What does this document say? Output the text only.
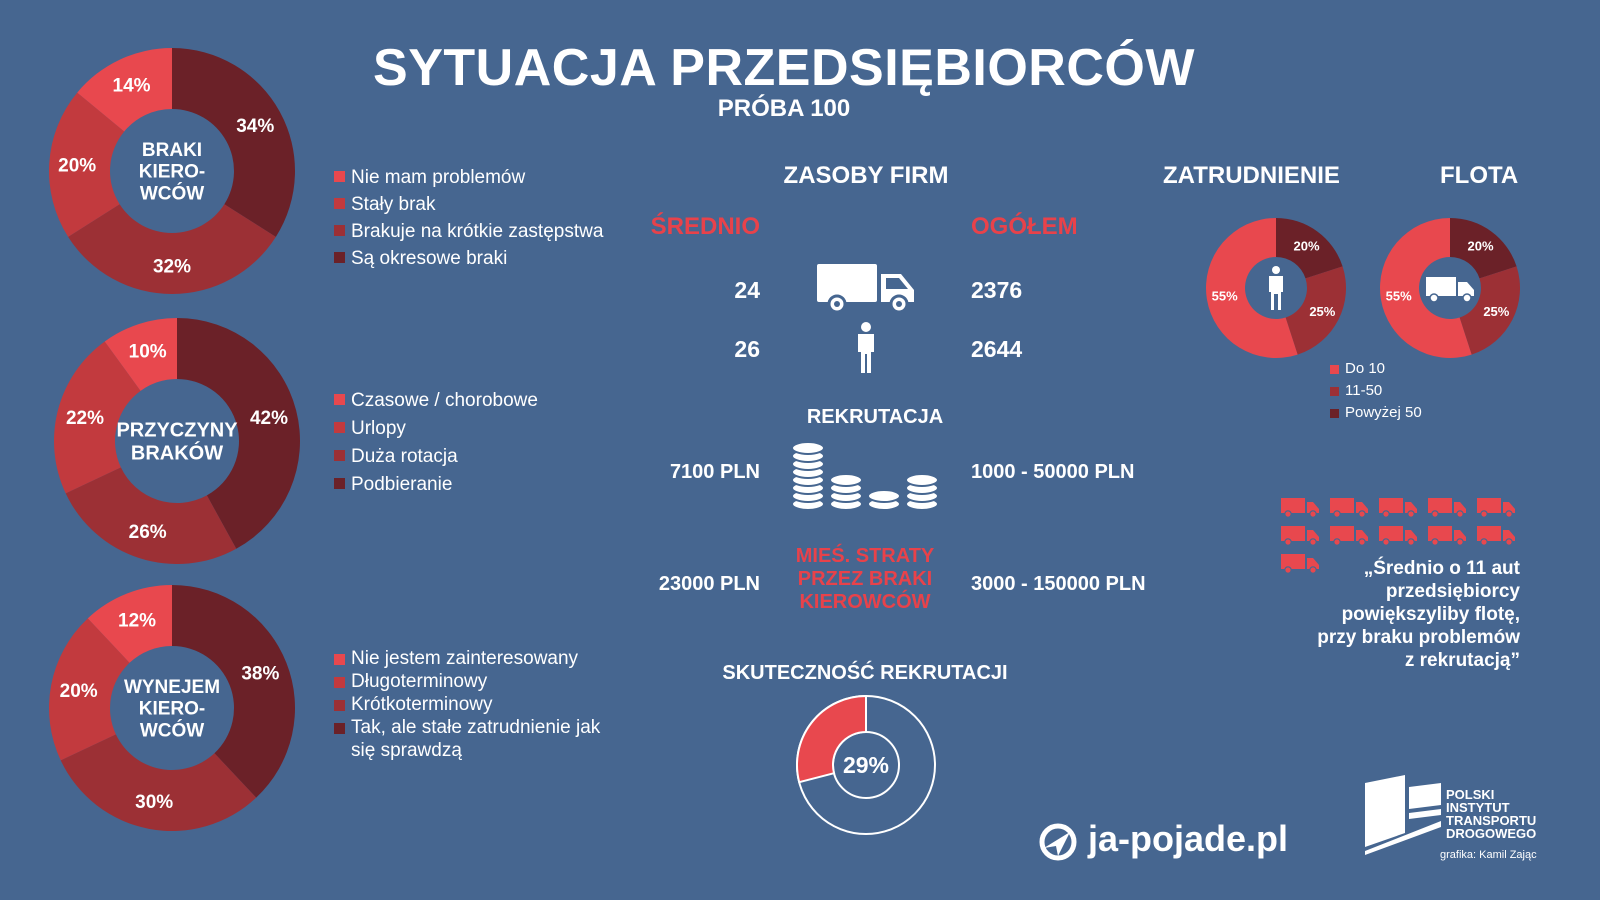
SYTUACJA PRZEDSIĘBIORCÓW
PRÓBA 100
34%
32%
20%
14%
BRAKI
KIERO-
WCÓW
42%
26%
22%
10%
PRZYCZYNY
BRAKÓW
38%
30%
20%
12%
WYNEJEM
KIERO-
WCÓW
Nie mam problemów
Stały brak
Brakuje na krótkie zastępstwa
Są okresowe braki
Czasowe / chorobowe
Urlopy
Duża rotacja
Podbieranie
Nie jestem zainteresowany
Długoterminowy
Krótkoterminowy
Tak, ale stałe zatrudnienie jak się sprawdzą
ZASOBY FIRM
ŚREDNIO	OGÓŁEM
24	2376
26	2644
REKRUTACJA
7100 PLN	1000 - 50000 PLN
23000 PLN	3000 - 150000 PLN
MIEŚ. STRATY
PRZEZ BRAKI
KIEROWCÓW
SKUTECZNOŚĆ REKRUTACJI
29%
ZATRUDNIENIE	FLOTA
20%
25%
55%
20%
25%
55%
Do 10
11-50
Powyżej 50
„Średnio o 11 aut
przedsiębiorcy
powiększyliby flotę,
przy braku problemów
z rekrutacją”
ja-pojade.pl
POLSKI
INSTYTUT
TRANSPORTU
DROGOWEGO
grafika: Kamil Zając
